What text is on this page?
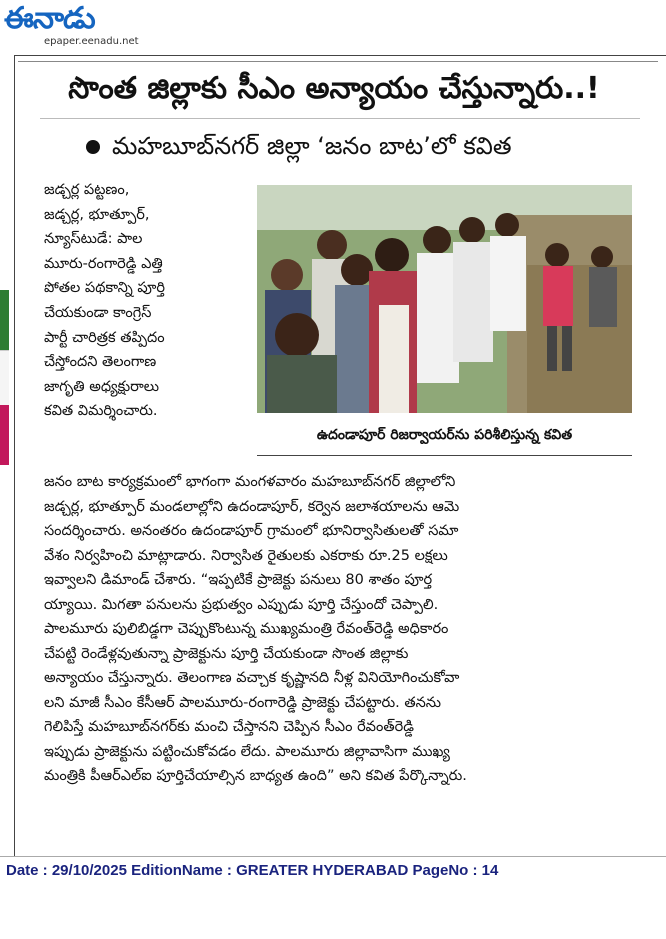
ఈనాడు
epaper.eenadu.net
సొంత జిల్లాకు సీఎం అన్యాయం చేస్తున్నారు..!
మహబూబ్‌నగర్ జిల్లా ‘జనం బాట’లో కవిత
జడ్చర్ల పట్టణం,
జడ్చర్ల, భూత్పూర్,
న్యూస్‌టుడే: పాల
మూరు-రంగారెడ్డి ఎత్తి
పోతల పథకాన్ని పూర్తి
చేయకుండా కాంగ్రెస్
పార్టీ చారిత్రక తప్పిదం
చేస్తోందని తెలంగాణ
జాగృతి అధ్యక్షురాలు
కవిత విమర్శించారు.
ఉదండాపూర్ రిజర్వాయర్‌ను పరిశీలిస్తున్న కవిత
జనం బాట కార్యక్రమంలో భాగంగా మంగళవారం మహబూబ్‌నగర్ జిల్లాలోని
జడ్చర్ల, భూత్పూర్ మండలాల్లోని ఉదండాపూర్, కర్వెన జలాశయాలను ఆమె
సందర్శించారు. అనంతరం ఉదండాపూర్ గ్రామంలో భూనిర్వాసితులతో సమా
వేశం నిర్వహించి మాట్లాడారు. నిర్వాసిత రైతులకు ఎకరాకు రూ.25 లక్షలు
ఇవ్వాలని డిమాండ్ చేశారు. “ఇప్పటికే ప్రాజెక్టు పనులు 80 శాతం పూర్త
య్యాయి. మిగతా పనులను ప్రభుత్వం ఎప్పుడు పూర్తి చేస్తుందో చెప్పాలి.
పాలమూరు పులిబిడ్డగా చెప్పుకొంటున్న ముఖ్యమంత్రి రేవంత్‌రెడ్డి అధికారం
చేపట్టి రెండేళ్లవుతున్నా ప్రాజెక్టును పూర్తి చేయకుండా సొంత జిల్లాకు
అన్యాయం చేస్తున్నారు. తెలంగాణ వచ్చాక కృష్ణానది నీళ్ల వినియోగించుకోవా
లని మాజీ సీఎం కేసీఆర్ పాలమూరు-రంగారెడ్డి ప్రాజెక్టు చేపట్టారు. తనను
గెలిపిస్తే మహబూబ్‌నగర్‌కు మంచి చేస్తానని చెప్పిన సీఎం రేవంత్‌రెడ్డి
ఇప్పుడు ప్రాజెక్టును పట్టించుకోవడం లేదు. పాలమూరు జిల్లావాసిగా ముఖ్య
మంత్రికి పీఆర్ఎల్ఐ పూర్తిచేయాల్సిన బాధ్యత ఉంది” అని కవిత పేర్కొన్నారు.
Date : 29/10/2025 EditionName : GREATER HYDERABAD PageNo : 14
